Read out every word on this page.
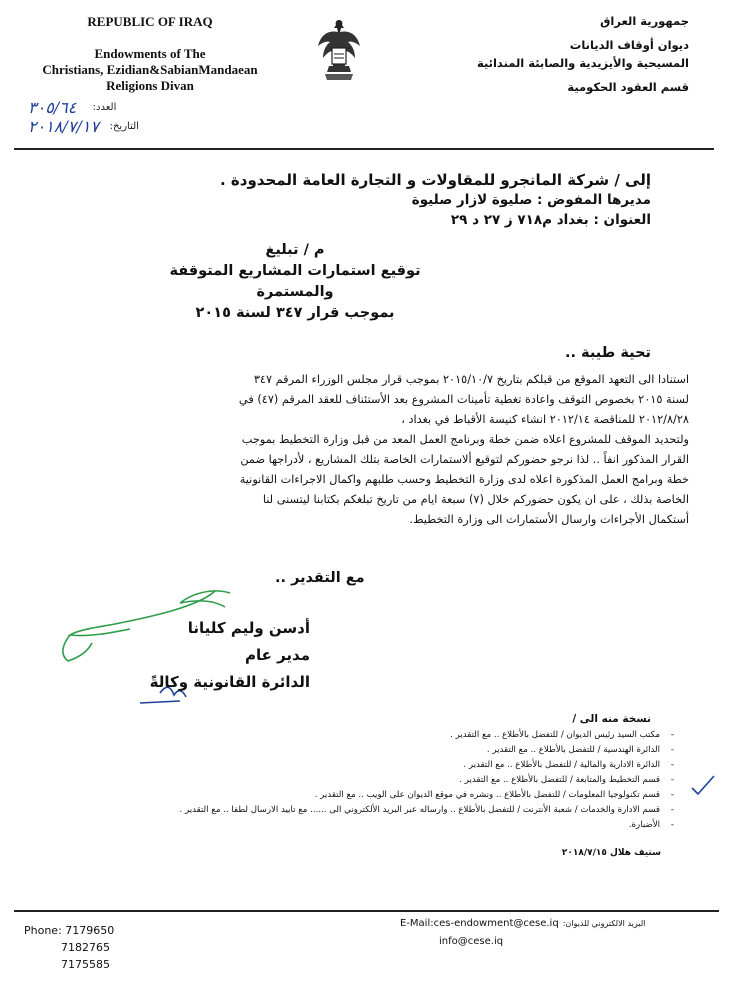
REPUBLIC OF IRAQ
Endowments of The
Christians, Ezidian&SabianMandaean
Religions Divan
جمهورية العراق
ديوان أوقاف الديانات
المسيحية والأيزيدية والصابئة المندائية
قسم العقود الحكومية
العدد:
٣٠٥/٦٤
التاريخ:
٢٠١٨/٧/١٧
إلى / شركة المانجرو للمقاولات و التجارة العامة المحدودة .
مديرها المفوض : صليوة لازار صليوة
العنوان : بغداد م٧١٨ ز ٢٧ د ٢٩
م / تبليغ
توقيع استمارات المشاريع المتوقفة والمستمرة
بموجب قرار ٣٤٧ لسنة ٢٠١٥
تحية طيبة ..
استنادا الى التعهد الموقع من قبلكم بتاريخ ٢٠١٥/١٠/٧ بموجب قرار مجلس الوزراء المرقم ٣٤٧
لسنة ٢٠١٥ بخصوص التوقف واعادة تغطية تأمينات المشروع بعد الأستئناف للعقد المرقم (٤٧) في
٢٠١٢/٨/٢٨ للمناقصة ٢٠١٢/١٤ انشاء كنيسة الأقباط في بغداد ،
ولتحديد الموقف للمشروع اعلاه ضمن خطة وبرنامج العمل المعد من قبل وزارة التخطيط بموجب
القرار المذكور انفاً .. لذا نرجو حضوركم لتوقيع ألاستمارات الخاصة بتلك المشاريع ، لأدراجها ضمن
خطة وبرامج العمل المذكورة اعلاه لدى وزارة التخطيط وحسب طلبهم واكمال الاجراءات القانونية
الخاصة بذلك ، على ان يكون حضوركم خلال (٧) سبعة ايام من تاريخ تبلغكم بكتابنا ليتسنى لنا
أستكمال الأجراءات وارسال الأستمارات الى وزارة التخطيط.
مع التقدير ..
أدسن وليم كليانا
مدير عام
الدائرة القانونية وكالةً
نسخة منه الى /
- مكتب السيد رئيس الديوان / للتفضل بالأطلاع .. مع التقدير .
- الدائرة الهندسية / للتفضل بالأطلاع .. مع التقدير .
- الدائرة الادارية والمالية / للتفضل بالأطلاع .. مع التقدير .
- قسم التخطيط والمتابعة / للتفضل بالأطلاع .. مع التقدير .
- قسم تكنولوجيا المعلومات / للتفضل بالأطلاع .. ونشره في موقع الديوان على الويب .. مع التقدير .
- قسم الادارة والخدمات / شعبة الأنترنت / للتفضل بالأطلاع .. وارساله عبر البريد الألكتروني الى ...... مع تاييد الارسال لطفا .. مع التقدير .
- الأضبارة.
ستيف هلال ٢٠١٨/٧/١٥
Phone: 7179650
7182765
7175585
E-Mail:ces-endowment@cese.iq البريد الالكتروني للديوان:
info@cese.iq
